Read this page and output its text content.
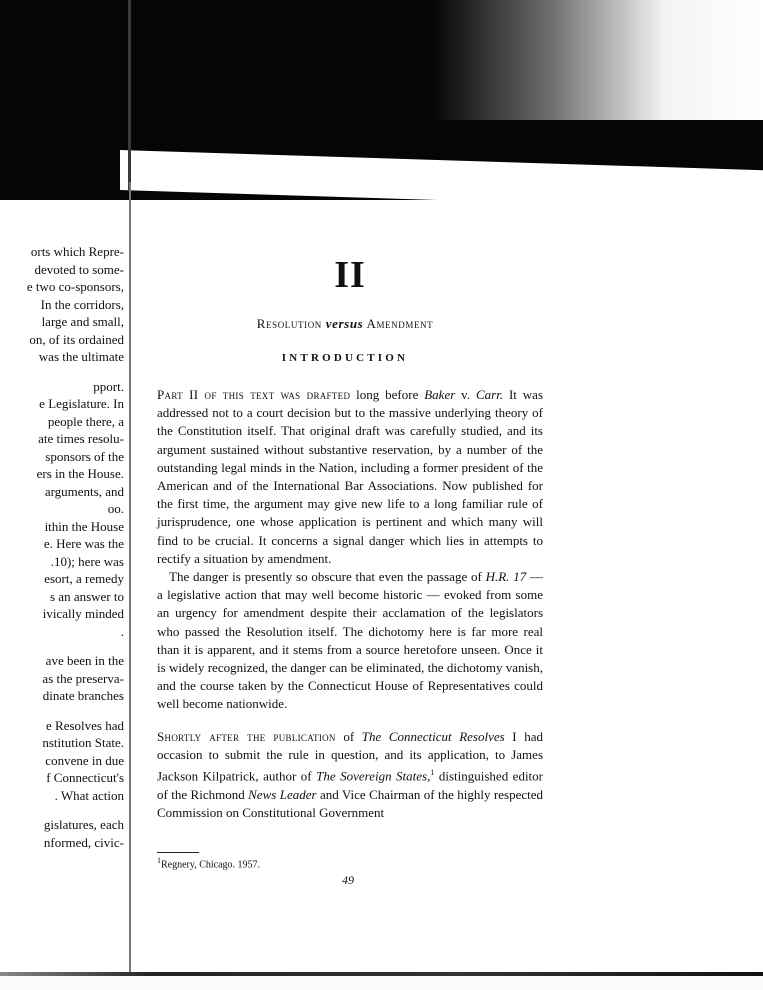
orts which Repre-
devoted to some-
e two co-sponsors,
In the corridors,
large and small,
on, of its ordained
was the ultimate
pport.
e Legislature. In
people there, a
ate times resolu-
sponsors of the
ers in the House.
arguments, and
oo.
ithin the House
e. Here was the
.10); here was
esort, a remedy
s an answer to
ivically minded
.
ave been in the
as the preserva-
dinate branches
e Resolves had
nstitution State.
convene in due
f Connecticut's
. What action
gislatures, each
nformed, civic-
II
Resolution versus Amendment
INTRODUCTION

Part II of this text was drafted long before Baker v. Carr. It was addressed not to a court decision but to the massive underlying theory of the Constitution itself. That original draft was carefully studied, and its argument sustained without substantive reservation, by a number of the outstanding legal minds in the Nation, including a former president of the American and of the International Bar Associations. Now published for the first time, the argument may give new life to a long familiar rule of jurisprudence, one whose application is pertinent and which many will find to be crucial. It concerns a signal danger which lies in attempts to rectify a situation by amendment.

The danger is presently so obscure that even the passage of H.R. 17 — a legislative action that may well become historic — evoked from some an urgency for amendment despite their acclamation of the legislators who passed the Resolution itself. The dichotomy here is far more real than it is apparent, and it stems from a source heretofore unseen. Once it is widely recognized, the danger can be eliminated, the dichotomy vanish, and the course taken by the Connecticut House of Representatives could well become nationwide.

Shortly after the publication of The Connecticut Resolves I had occasion to submit the rule in question, and its application, to James Jackson Kilpatrick, author of The Sovereign States,$^1$ distinguished editor of the Richmond News Leader and Vice Chairman of the highly respected Commission on Constitutional Government

$^1$Regnery, Chicago. 1957.
49
